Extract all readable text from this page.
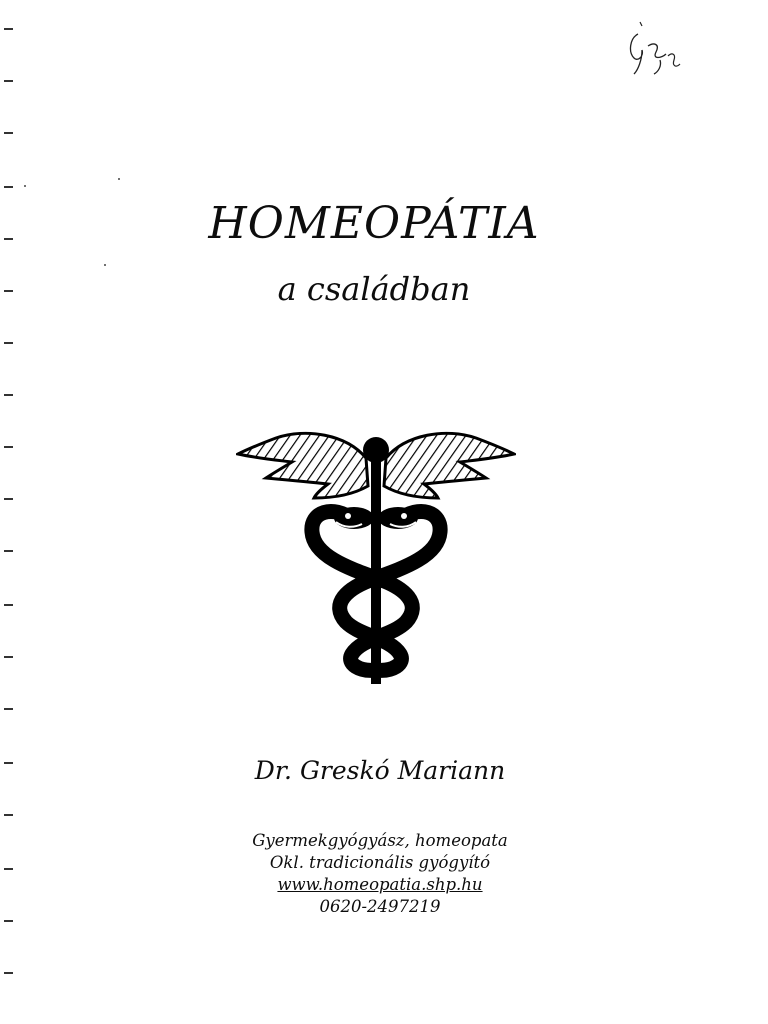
HOMEOPÁTIA
a családban
Dr. Greskó Mariann
Gyermekgyógyász, homeopata
Okl. tradicionális gyógyító
www.homeopatia.shp.hu
0620-2497219
